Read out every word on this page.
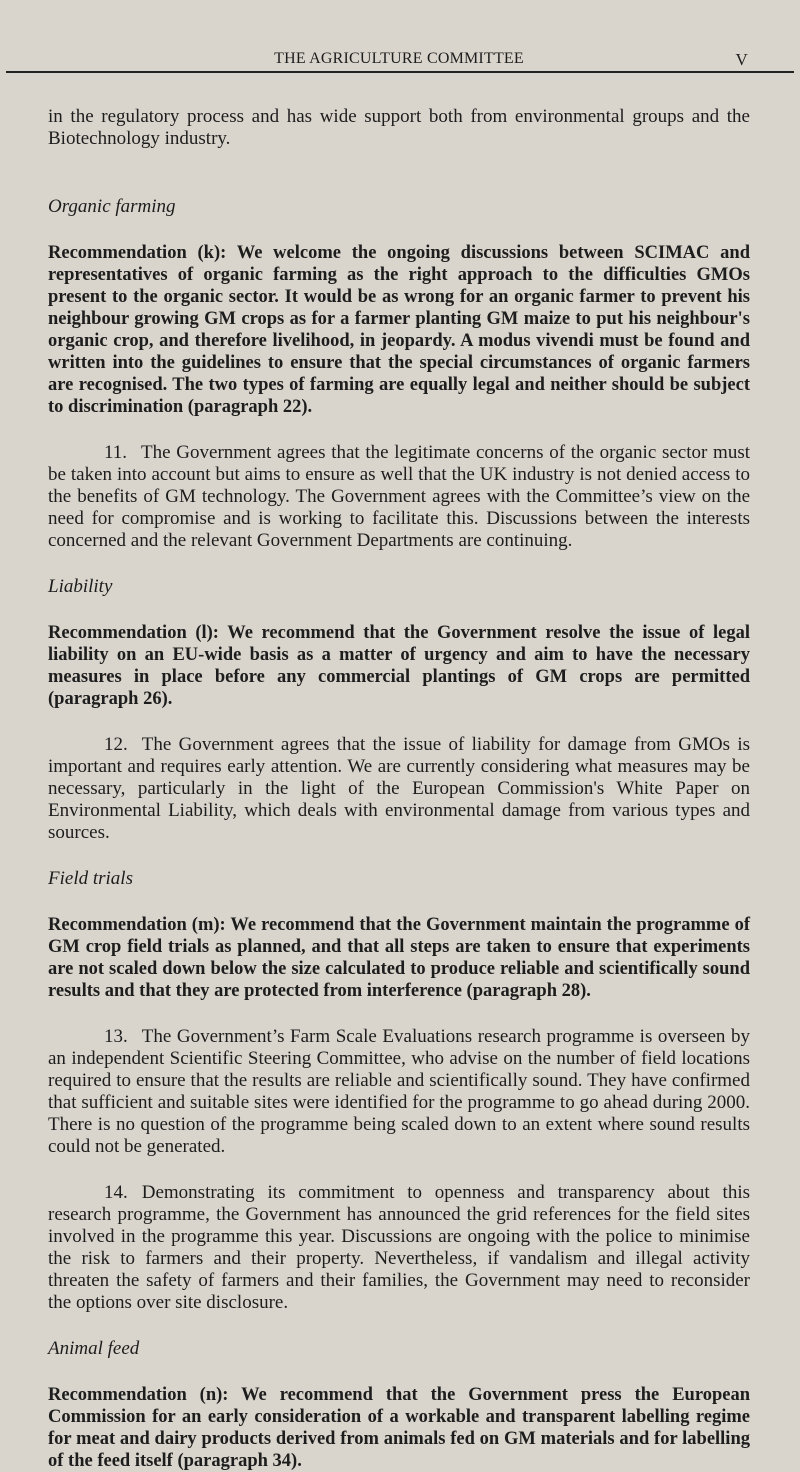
THE AGRICULTURE COMMITTEE	V

in the regulatory process and has wide support both from environmental groups and the Biotechnology industry.

Organic farming

Recommendation (k): We welcome the ongoing discussions between SCIMAC and representatives of organic farming as the right approach to the difficulties GMOs present to the organic sector. It would be as wrong for an organic farmer to prevent his neighbour growing GM crops as for a farmer planting GM maize to put his neighbour's organic crop, and therefore livelihood, in jeopardy. A modus vivendi must be found and written into the guidelines to ensure that the special circumstances of organic farmers are recognised. The two types of farming are equally legal and neither should be subject to discrimination (paragraph 22).

11. The Government agrees that the legitimate concerns of the organic sector must be taken into account but aims to ensure as well that the UK industry is not denied access to the benefits of GM technology. The Government agrees with the Committee’s view on the need for compromise and is working to facilitate this. Discussions between the interests concerned and the relevant Government Departments are continuing.

Liability

Recommendation (l): We recommend that the Government resolve the issue of legal liability on an EU-wide basis as a matter of urgency and aim to have the necessary measures in place before any commercial plantings of GM crops are permitted (paragraph 26).

12. The Government agrees that the issue of liability for damage from GMOs is important and requires early attention. We are currently considering what measures may be necessary, particularly in the light of the European Commission's White Paper on Environmental Liability, which deals with environmental damage from various types and sources.

Field trials

Recommendation (m): We recommend that the Government maintain the programme of GM crop field trials as planned, and that all steps are taken to ensure that experiments are not scaled down below the size calculated to produce reliable and scientifically sound results and that they are protected from interference (paragraph 28).

13. The Government’s Farm Scale Evaluations research programme is overseen by an independent Scientific Steering Committee, who advise on the number of field locations required to ensure that the results are reliable and scientifically sound. They have confirmed that sufficient and suitable sites were identified for the programme to go ahead during 2000. There is no question of the programme being scaled down to an extent where sound results could not be generated.

14. Demonstrating its commitment to openness and transparency about this research programme, the Government has announced the grid references for the field sites involved in the programme this year. Discussions are ongoing with the police to minimise the risk to farmers and their property. Nevertheless, if vandalism and illegal activity threaten the safety of farmers and their families, the Government may need to reconsider the options over site disclosure.

Animal feed

Recommendation (n): We recommend that the Government press the European Commission for an early consideration of a workable and transparent labelling regime for meat and dairy products derived from animals fed on GM materials and for labelling of the feed itself (paragraph 34).
